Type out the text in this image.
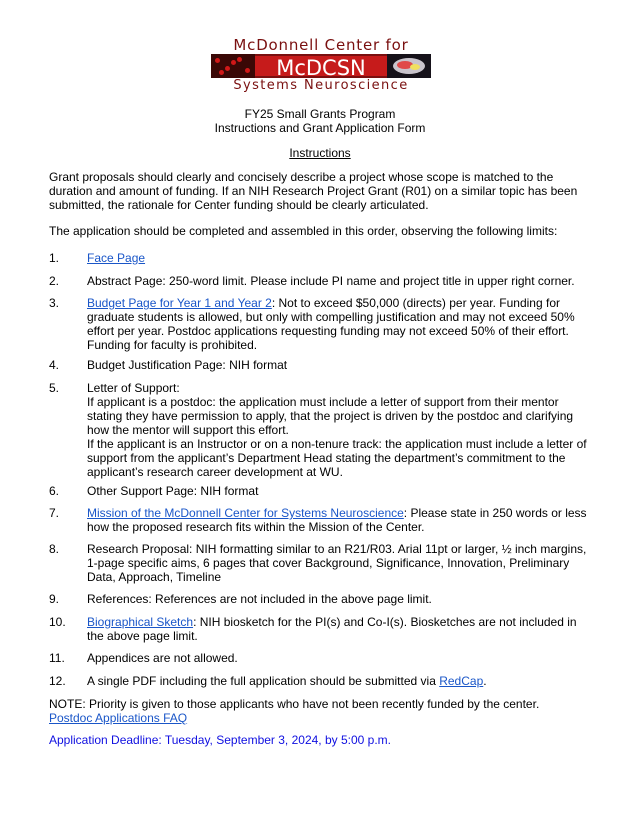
McDonnell Center for
McDCSN
Systems Neuroscience
FY25 Small Grants Program
Instructions and Grant Application Form
Instructions
Grant proposals should clearly and concisely describe a project whose scope is matched to the duration and amount of funding. If an NIH Research Project Grant (R01) on a similar topic has been submitted, the rationale for Center funding should be clearly articulated.
The application should be completed and assembled in this order, observing the following limits:
1. Face Page
2. Abstract Page: 250-word limit. Please include PI name and project title in upper right corner.
3. Budget Page for Year 1 and Year 2: Not to exceed $50,000 (directs) per year. Funding for graduate students is allowed, but only with compelling justification and may not exceed 50% effort per year. Postdoc applications requesting funding may not exceed 50% of their effort. Funding for faculty is prohibited.
4. Budget Justification Page: NIH format
5. Letter of Support:
If applicant is a postdoc: the application must include a letter of support from their mentor stating they have permission to apply, that the project is driven by the postdoc and clarifying how the mentor will support this effort.
If the applicant is an Instructor or on a non-tenure track: the application must include a letter of support from the applicant’s Department Head stating the department’s commitment to the applicant’s research career development at WU.
6. Other Support Page: NIH format
7. Mission of the McDonnell Center for Systems Neuroscience: Please state in 250 words or less how the proposed research fits within the Mission of the Center.
8. Research Proposal: NIH formatting similar to an R21/R03. Arial 11pt or larger, ½ inch margins, 1-page specific aims, 6 pages that cover Background, Significance, Innovation, Preliminary Data, Approach, Timeline
9. References: References are not included in the above page limit.
10. Biographical Sketch: NIH biosketch for the PI(s) and Co-I(s). Biosketches are not included in the above page limit.
11. Appendices are not allowed.
12. A single PDF including the full application should be submitted via RedCap.
NOTE: Priority is given to those applicants who have not been recently funded by the center.
Postdoc Applications FAQ
Application Deadline: Tuesday, September 3, 2024, by 5:00 p.m.
